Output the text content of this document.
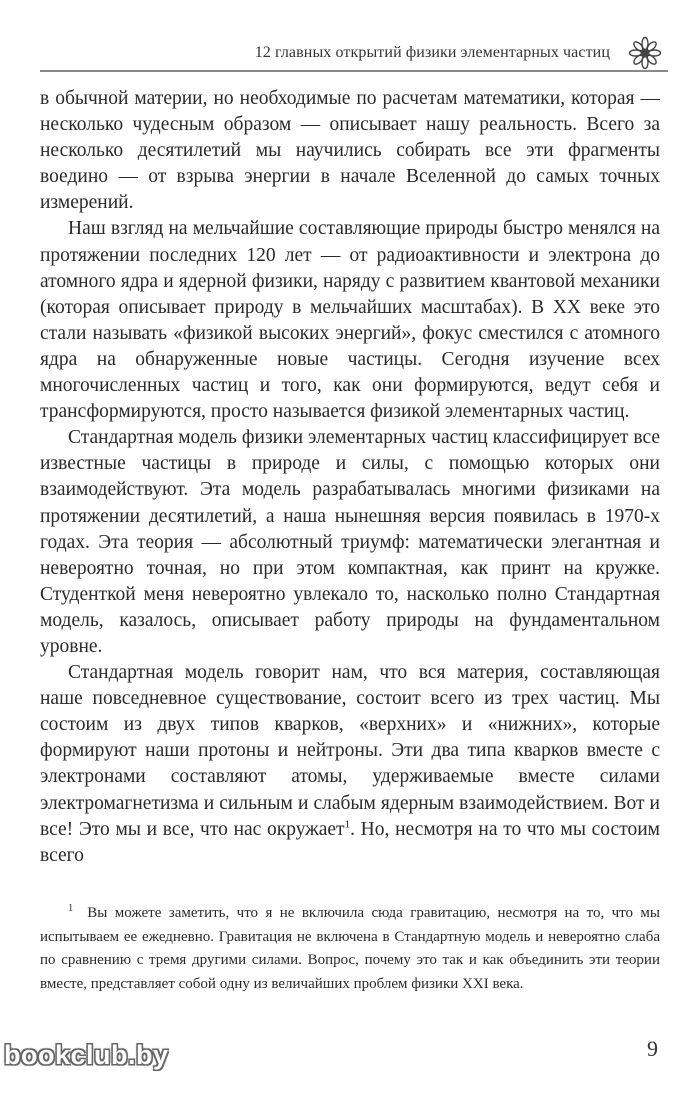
12 главных открытий физики элементарных частиц

в обычной материи, но необходимые по расчетам математики, которая — несколько чудесным образом — описывает нашу реальность. Всего за несколько десятилетий мы научились собирать все эти фрагменты воедино — от взрыва энергии в начале Вселенной до самых точных измерений.

Наш взгляд на мельчайшие составляющие природы быстро менялся на протяжении последних 120 лет — от радиоактивности и электрона до атомного ядра и ядерной физики, наряду с развитием квантовой механики (которая описывает природу в мельчайших масштабах). В XX веке это стали называть «физикой высоких энергий», фокус сместился с атомного ядра на обнаруженные новые частицы. Сегодня изучение всех многочисленных частиц и того, как они формируются, ведут себя и трансформируются, просто называется физикой элементарных частиц.

Стандартная модель физики элементарных частиц классифицирует все известные частицы в природе и силы, с помощью которых они взаимодействуют. Эта модель разрабатывалась многими физиками на протяжении десятилетий, а наша нынешняя версия появилась в 1970-х годах. Эта теория — абсолютный триумф: математически элегантная и невероятно точная, но при этом компактная, как принт на кружке. Студенткой меня невероятно увлекало то, насколько полно Стандартная модель, казалось, описывает работу природы на фундаментальном уровне.

Стандартная модель говорит нам, что вся материя, составляющая наше повседневное существование, состоит всего из трех частиц. Мы состоим из двух типов кварков, «верхних» и «нижних», которые формируют наши протоны и нейтроны. Эти два типа кварков вместе с электронами составляют атомы, удерживаемые вместе силами электромагнетизма и сильным и слабым ядерным взаимодействием. Вот и все! Это мы и все, что нас окружает$^1$. Но, несмотря на то что мы состоим всего

$^1$ Вы можете заметить, что я не включила сюда гравитацию, несмотря на то, что мы испытываем ее ежедневно. Гравитация не включена в Стандартную модель и невероятно слаба по сравнению с тремя другими силами. Вопрос, почему это так и как объединить эти теории вместе, представляет собой одну из величайших проблем физики XXI века.

9
bookclub.by
